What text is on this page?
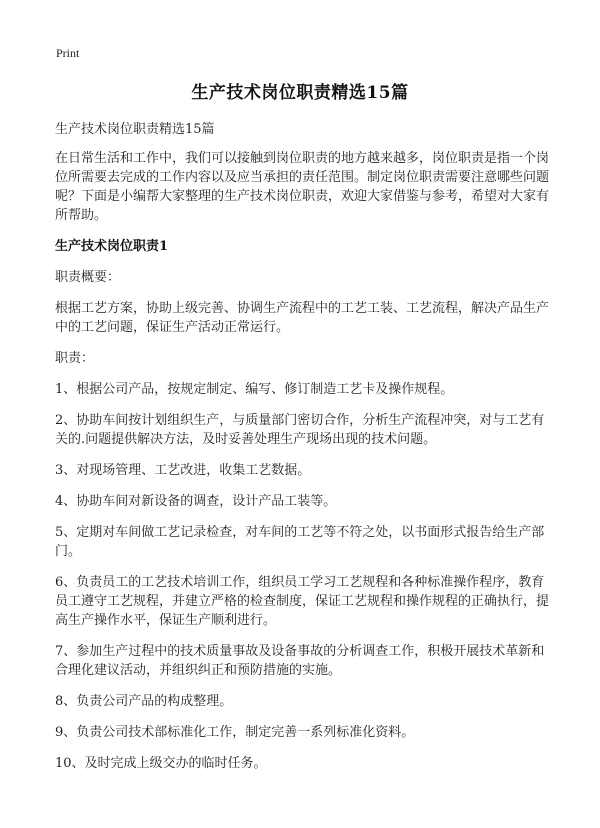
Print
生产技术岗位职责精选15篇

生产技术岗位职责精选15篇

在日常生活和工作中，我们可以接触到岗位职责的地方越来越多，岗位职责是指一个岗位所需要去完成的工作内容以及应当承担的责任范围。制定岗位职责需要注意哪些问题呢？下面是小编帮大家整理的生产技术岗位职责，欢迎大家借鉴与参考，希望对大家有所帮助。

生产技术岗位职责1

职责概要：

根据工艺方案，协助上级完善、协调生产流程中的工艺工装、工艺流程，解决产品生产中的工艺问题，保证生产活动正常运行。

职责：

1、根据公司产品，按规定制定、编写、修订制造工艺卡及操作规程。
2、协助车间按计划组织生产，与质量部门密切合作，分析生产流程冲突，对与工艺有关的.问题提供解决方法，及时妥善处理生产现场出现的技术问题。
3、对现场管理、工艺改进，收集工艺数据。
4、协助车间对新设备的调查，设计产品工装等。
5、定期对车间做工艺记录检查，对车间的工艺等不符之处，以书面形式报告给生产部门。
6、负责员工的工艺技术培训工作，组织员工学习工艺规程和各种标准操作程序，教育员工遵守工艺规程，并建立严格的检查制度，保证工艺规程和操作规程的正确执行，提高生产操作水平，保证生产顺利进行。
7、参加生产过程中的技术质量事故及设备事故的分析调查工作，积极开展技术革新和合理化建议活动，并组织纠正和预防措施的实施。
8、负责公司产品的构成整理。
9、负责公司技术部标准化工作，制定完善一系列标准化资料。
10、及时完成上级交办的临时任务。
